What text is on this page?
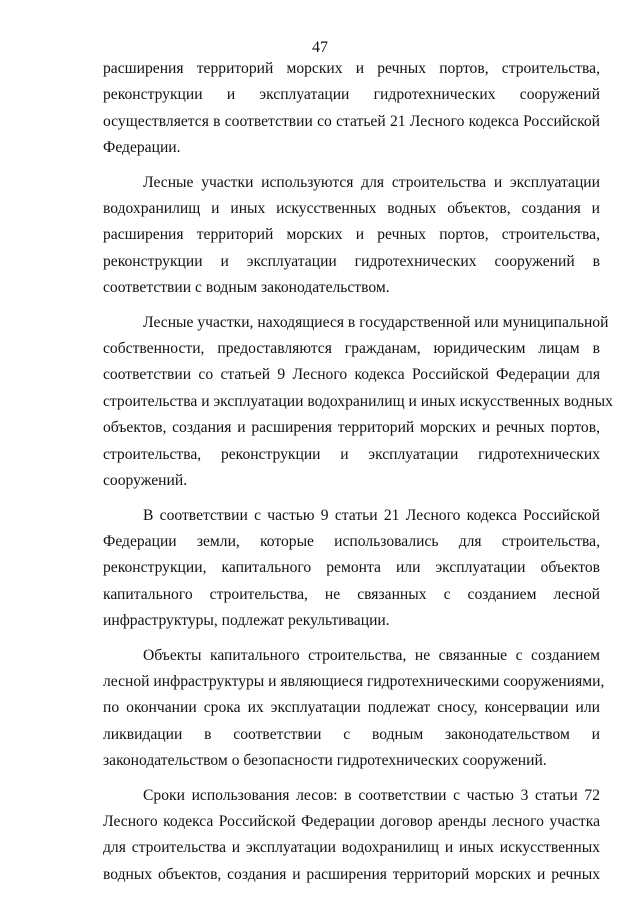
47

расширения территорий морских и речных портов, строительства,
реконструкции и эксплуатации гидротехнических сооружений
осуществляется в соответствии со статьей 21 Лесного кодекса Российской
Федерации.

Лесные участки используются для строительства и эксплуатации
водохранилищ и иных искусственных водных объектов, создания и
расширения территорий морских и речных портов, строительства,
реконструкции и эксплуатации гидротехнических сооружений в
соответствии с водным законодательством.

Лесные участки, находящиеся в государственной или муниципальной
собственности, предоставляются гражданам, юридическим лицам в
соответствии со статьей 9 Лесного кодекса Российской Федерации для
строительства и эксплуатации водохранилищ и иных искусственных водных
объектов, создания и расширения территорий морских и речных портов,
строительства, реконструкции и эксплуатации гидротехнических
сооружений.

В соответствии с частью 9 статьи 21 Лесного кодекса Российской
Федерации земли, которые использовались для строительства,
реконструкции, капитального ремонта или эксплуатации объектов
капитального строительства, не связанных с созданием лесной
инфраструктуры, подлежат рекультивации.

Объекты капитального строительства, не связанные с созданием
лесной инфраструктуры и являющиеся гидротехническими сооружениями,
по окончании срока их эксплуатации подлежат сносу, консервации или
ликвидации в соответствии с водным законодательством и
законодательством о безопасности гидротехнических сооружений.

Сроки использования лесов: в соответствии с частью 3 статьи 72
Лесного кодекса Российской Федерации договор аренды лесного участка
для строительства и эксплуатации водохранилищ и иных искусственных
водных объектов, создания и расширения территорий морских и речных
